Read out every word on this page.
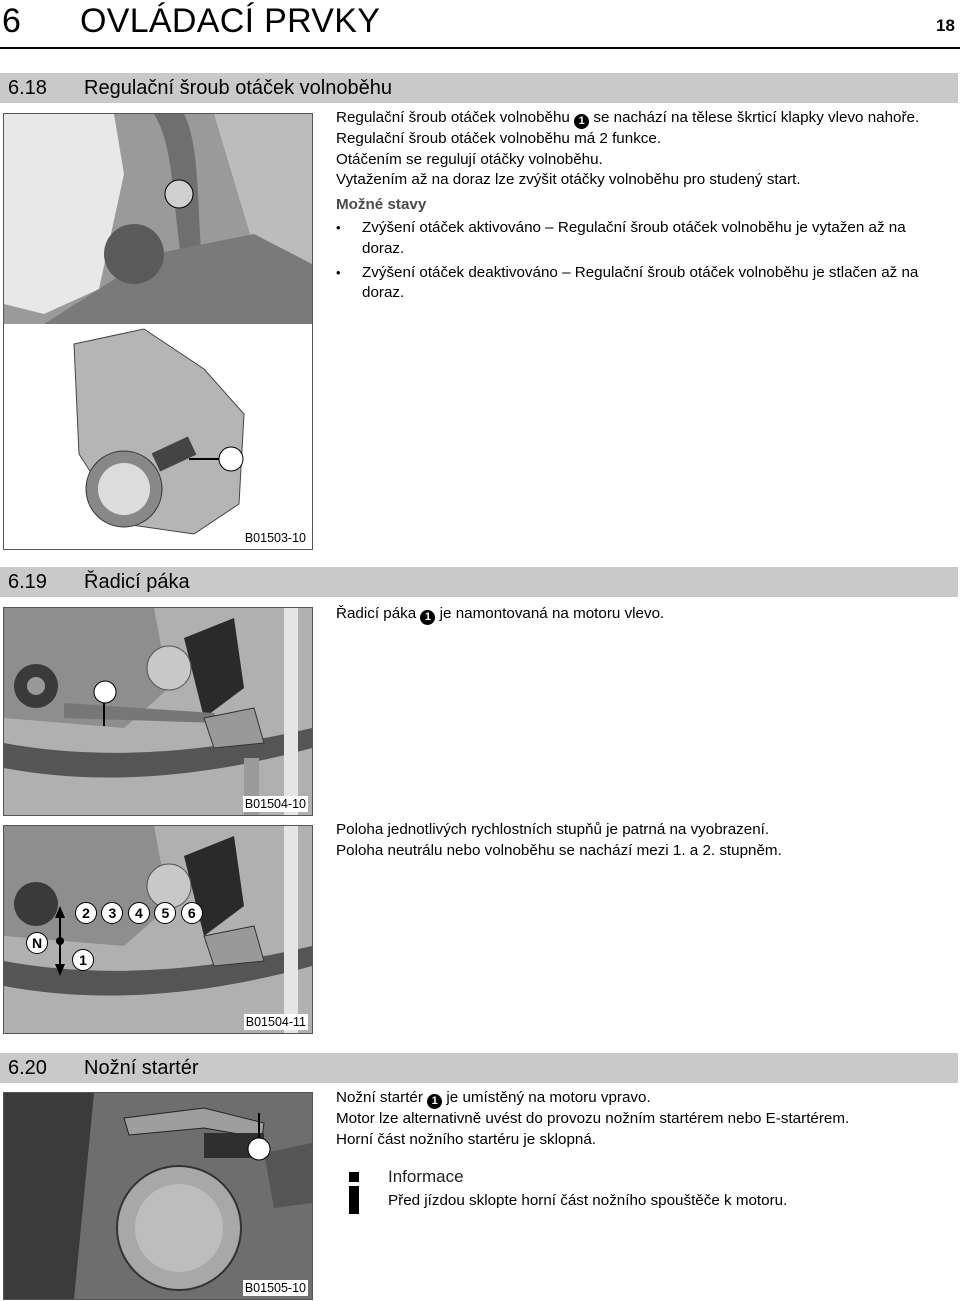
6 OVLÁDACÍ PRVKY	18
6.18 Regulační šroub otáček volnoběhu
B01503-10
Regulační šroub otáček volnoběhu 1 se nachází na tělese škrticí klapky vlevo nahoře.
Regulační šroub otáček volnoběhu má 2 funkce.
Otáčením se regulují otáčky volnoběhu.
Vytažením až na doraz lze zvýšit otáčky volnoběhu pro studený start.
Možné stavy
• Zvýšení otáček aktivováno – Regulační šroub otáček volnoběhu je vytažen až na doraz.
• Zvýšení otáček deaktivováno – Regulační šroub otáček volnoběhu je stlačen až na doraz.
6.19 Řadicí páka
B01504-10
Řadicí páka 1 je namontovaná na motoru vlevo.
2 3 4 5 6
N
1
B01504-11
Poloha jednotlivých rychlostních stupňů je patrná na vyobrazení.
Poloha neutrálu nebo volnoběhu se nachází mezi 1. a 2. stupněm.
6.20 Nožní startér
B01505-10
Nožní startér 1 je umístěný na motoru vpravo.
Motor lze alternativně uvést do provozu nožním startérem nebo E-startérem.
Horní část nožního startéru je sklopná.
Informace
Před jízdou sklopte horní část nožního spouštěče k motoru.
